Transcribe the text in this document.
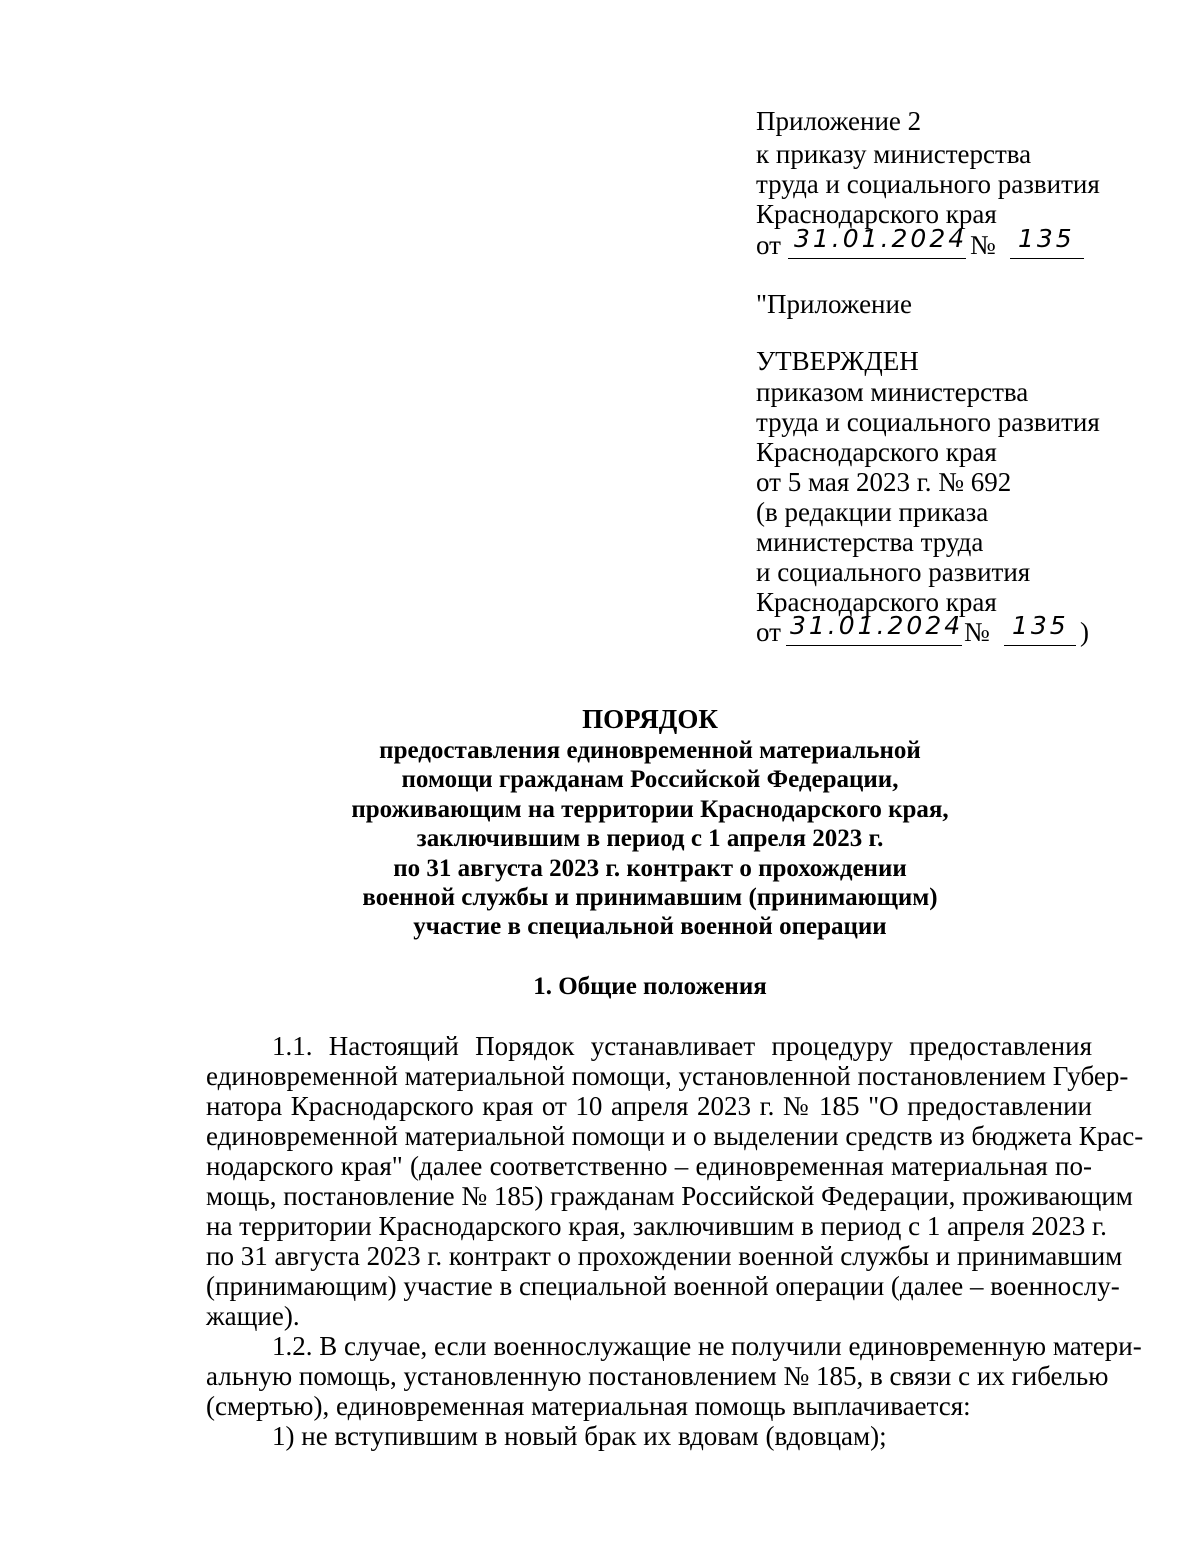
Приложение 2
к приказу министерства
труда и социального развития
Краснодарского края
от 31.01.2024 № 135
"Приложение
УТВЕРЖДЕН
приказом министерства
труда и социального развития
Краснодарского края
от 5 мая 2023 г. № 692
(в редакции приказа
министерства труда
и социального развития
Краснодарского края
от 31.01.2024 № 135 )
ПОРЯДОК
предоставления единовременной материальной
помощи гражданам Российской Федерации,
проживающим на территории Краснодарского края,
заключившим в период с 1 апреля 2023 г.
по 31 августа 2023 г. контракт о прохождении
военной службы и принимавшим (принимающим)
участие в специальной военной операции
1. Общие положения
1.1. Настоящий Порядок устанавливает процедуру предоставления
единовременной материальной помощи, установленной постановлением Губер-
натора Краснодарского края от 10 апреля 2023 г. № 185 "О предоставлении
единовременной материальной помощи и о выделении средств из бюджета Крас-
нодарского края" (далее соответственно – единовременная материальная по-
мощь, постановление № 185) гражданам Российской Федерации, проживающим
на территории Краснодарского края, заключившим в период с 1 апреля 2023 г.
по 31 августа 2023 г. контракт о прохождении военной службы и принимавшим
(принимающим) участие в специальной военной операции (далее – военнослу-
жащие).
1.2. В случае, если военнослужащие не получили единовременную матери-
альную помощь, установленную постановлением № 185, в связи с их гибелью
(смертью), единовременная материальная помощь выплачивается:
1) не вступившим в новый брак их вдовам (вдовцам);
